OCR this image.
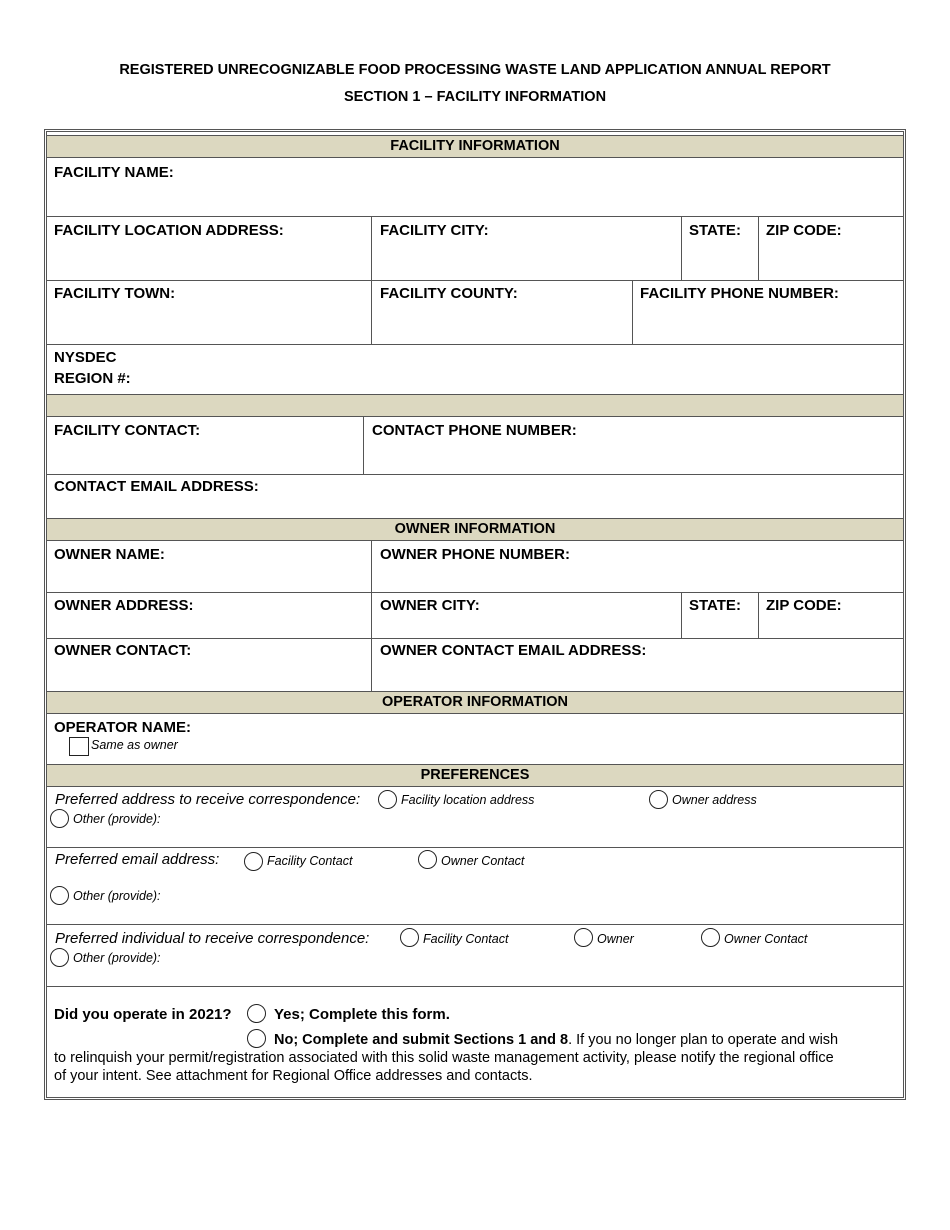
REGISTERED UNRECOGNIZABLE FOOD PROCESSING WASTE LAND APPLICATION ANNUAL REPORT
SECTION 1 – FACILITY INFORMATION
FACILITY INFORMATION
FACILITY NAME:
FACILITY LOCATION ADDRESS:	FACILITY CITY:	STATE: ZIP CODE:
FACILITY TOWN:	FACILITY COUNTY:	FACILITY PHONE NUMBER:
NYSDEC
REGION #:
FACILITY CONTACT:	CONTACT PHONE NUMBER:
CONTACT EMAIL ADDRESS:
OWNER INFORMATION
OWNER NAME:	OWNER PHONE NUMBER:
OWNER ADDRESS:	OWNER CITY:	STATE: ZIP CODE:
OWNER CONTACT:	OWNER CONTACT EMAIL ADDRESS:
OPERATOR INFORMATION
OPERATOR NAME:
Same as owner
PREFERENCES
Preferred address to receive correspondence:	Facility location address	Owner address
Other (provide):
Preferred email address:	Facility Contact	Owner Contact
Other (provide):
Preferred individual to receive correspondence:	Facility Contact	Owner	Owner Contact
Other (provide):
Did you operate in 2021?	Yes; Complete this form.
No; Complete and submit Sections 1 and 8. If you no longer plan to operate and wish
to relinquish your permit/registration associated with this solid waste management activity, please notify the regional office
of your intent. See attachment for Regional Office addresses and contacts.
